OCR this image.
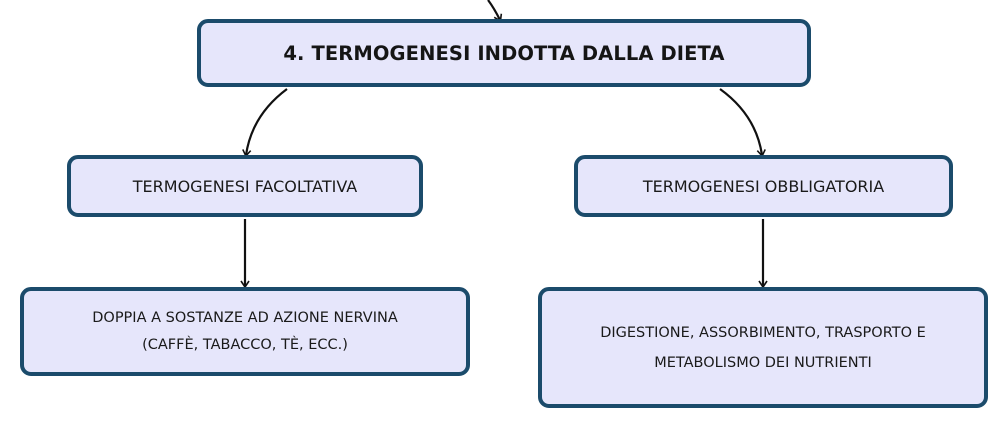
4. TERMOGENESI INDOTTA DALLA DIETA
TERMOGENESI FACOLTATIVA	TERMOGENESI OBBLIGATORIA
DOPPIA A SOSTANZE AD AZIONE NERVINA
(CAFFÈ, TABACCO, TÈ, ECC.)
DIGESTIONE, ASSORBIMENTO, TRASPORTO E
METABOLISMO DEI NUTRIENTI
